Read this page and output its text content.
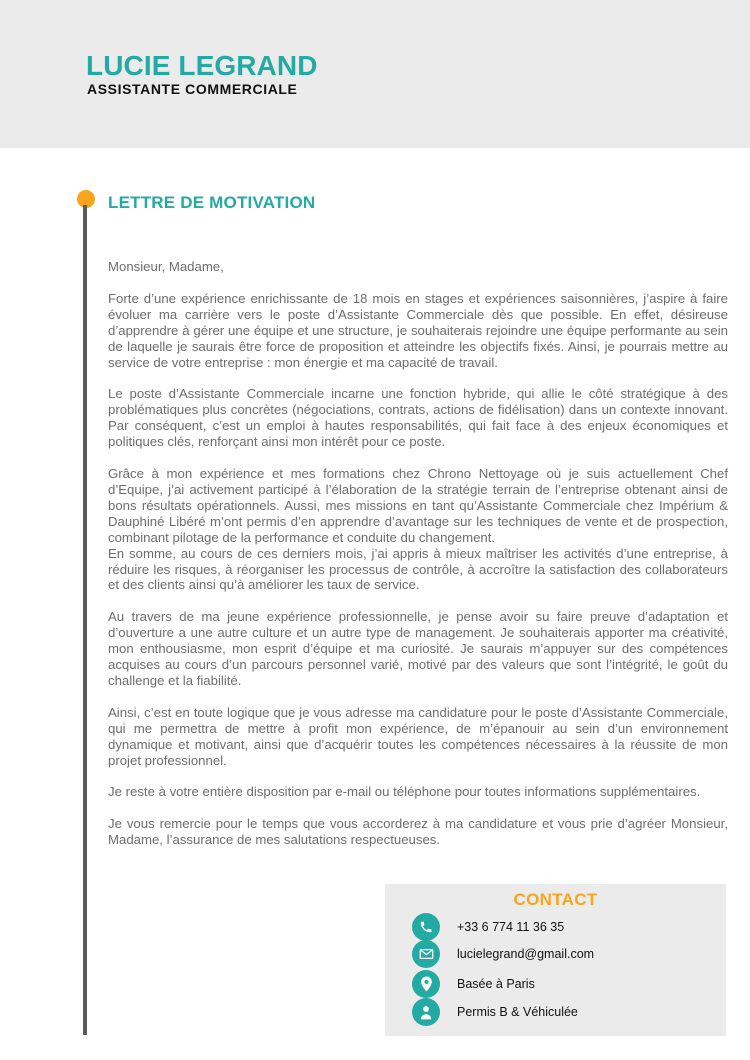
LUCIE LEGRAND
ASSISTANTE COMMERCIALE
LETTRE DE MOTIVATION

Monsieur, Madame,

Forte d’une expérience enrichissante de 18 mois en stages et expériences saisonnières, j’aspire à faire évoluer ma carrière vers le poste d’Assistante Commerciale dès que possible. En effet, désireuse d’apprendre à gérer une équipe et une structure, je souhaiterais rejoindre une équipe performante au sein de laquelle je saurais être force de proposition et atteindre les objectifs fixés. Ainsi, je pourrais mettre au service de votre entreprise : mon énergie et ma capacité de travail.

Le poste d’Assistante Commerciale incarne une fonction hybride, qui allie le côté stratégique à des problématiques plus concrètes (négociations, contrats, actions de fidélisation) dans un contexte innovant. Par conséquent, c’est un emploi à hautes responsabilités, qui fait face à des enjeux économiques et politiques clés, renforçant ainsi mon intérêt pour ce poste.

Grâce à mon expérience et mes formations chez Chrono Nettoyage où je suis actuellement Chef d’Equipe, j’ai activement participé à l’élaboration de la stratégie terrain de l’entreprise obtenant ainsi de bons résultats opérationnels. Aussi, mes missions en tant qu’Assistante Commerciale chez Impérium & Dauphiné Libéré m’ont permis d’en apprendre d’avantage sur les techniques de vente et de prospection, combinant pilotage de la performance et conduite du changement.

En somme, au cours de ces derniers mois, j’ai appris à mieux maîtriser les activités d’une entreprise, à réduire les risques, à réorganiser les processus de contrôle, à accroître la satisfaction des collaborateurs et des clients ainsi qu’à améliorer les taux de service.

Au travers de ma jeune expérience professionnelle, je pense avoir su faire preuve d’adaptation et d’ouverture a une autre culture et un autre type de management. Je souhaiterais apporter ma créativité, mon enthousiasme, mon esprit d’équipe et ma curiosité. Je saurais m’appuyer sur des compétences acquises au cours d’un parcours personnel varié, motivé par des valeurs que sont l’intégrité, le goût du challenge et la fiabilité.

Ainsi, c’est en toute logique que je vous adresse ma candidature pour le poste d’Assistante Commerciale, qui me permettra de mettre à profit mon expérience, de m’épanouir au sein d’un environnement dynamique et motivant, ainsi que d’acquérir toutes les compétences nécessaires à la réussite de mon projet professionnel.

Je reste à votre entière disposition par e-mail ou téléphone pour toutes informations supplémentaires.

Je vous remercie pour le temps que vous accorderez à ma candidature et vous prie d’agréer Monsieur, Madame, l’assurance de mes salutations respectueuses.

CONTACT
+33 6 774 11 36 35
lucielegrand@gmail.com
Basée à Paris
Permis B & Véhiculée
